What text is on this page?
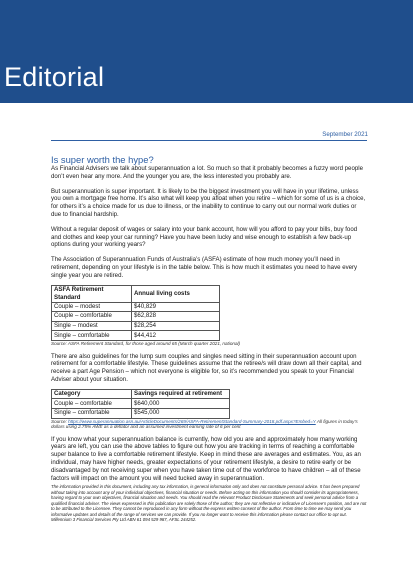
Editorial
September 2021
Is super worth the hype?

As Financial Advisers we talk about superannuation a lot. So much so that it probably becomes a fuzzy word people don’t even hear any more. And the younger you are, the less interested you probably are.

But superannuation is super important. It is likely to be the biggest investment you will have in your lifetime, unless you own a mortgage free home. It’s also what will keep you afloat when you retire – which for some of us is a choice, for others it’s a choice made for us due to illness, or the inability to continue to carry out our normal work duties or due to financial hardship.

Without a regular deposit of wages or salary into your bank account, how will you afford to pay your bills, buy food and clothes and keep your car running? Have you have been lucky and wise enough to establish a few back-up options during your working years?

The Association of Superannuation Funds of Australia’s (ASFA) estimate of how much money you’ll need in retirement, depending on your lifestyle is in the table below. This is how much it estimates you need to have every single year you are retired.

ASFA Retirement Standard	Annual living costs
Couple – modest	$40,829
Couple – comfortable	$62,828
Single – modest	$28,254
Single – comfortable	$44,412
Source: ASFA Retirement Standard, for those aged around 65 (March quarter 2021, national)

There are also guidelines for the lump sum couples and singles need sitting in their superannuation account upon retirement for a comfortable lifestyle. These guidelines assume that the retiree/s will draw down all their capital, and receive a part Age Pension – which not everyone is eligible for, so it’s recommended you speak to your Financial Adviser about your situation.

Category	Savings required at retirement
Couple – comfortable	$640,000
Single – comfortable	$545,000
Source: https://www.superannuation.asn.au/ArticleDocuments/269/ASFA-RetirementStandard-Summary-2018.pdf.aspx?Embed=Y All figures in today’s dollars using 2.75% AWE as a deflator and an assumed investment earning rate of 6 per cent

If you know what your superannuation balance is currently, how old you are and approximately how many working years are left, you can use the above tables to figure out how you are tracking in terms of reaching a comfortable super balance to live a comfortable retirement lifestyle. Keep in mind these are averages and estimates. You, as an individual, may have higher needs, greater expectations of your retirement lifestyle, a desire to retire early or be disadvantaged by not receiving super when you have taken time out of the workforce to have children – all of these factors will impact on the amount you will need tucked away in superannuation.

The information provided in this document, including any tax information, is general information only and does not constitute personal advice. It has been prepared without taking into account any of your individual objectives, financial situation or needs. Before acting on this information you should consider its appropriateness, having regard to your own objectives, financial situation and needs. You should read the relevant Product Disclosure Statements and seek personal advice from a qualified financial adviser. The views expressed in this publication are solely those of the author; they are not reflective or indicative of Licensee’s position, and are not to be attributed to the Licensee. They cannot be reproduced in any form without the express written consent of the author. From time to time we may send you informative updates and details of the range of services we can provide. If you no longer want to receive this information please contact our office to opt out. Millennium 3 Financial Services Pty Ltd ABN 61 094 529 987, AFSL 244252.
